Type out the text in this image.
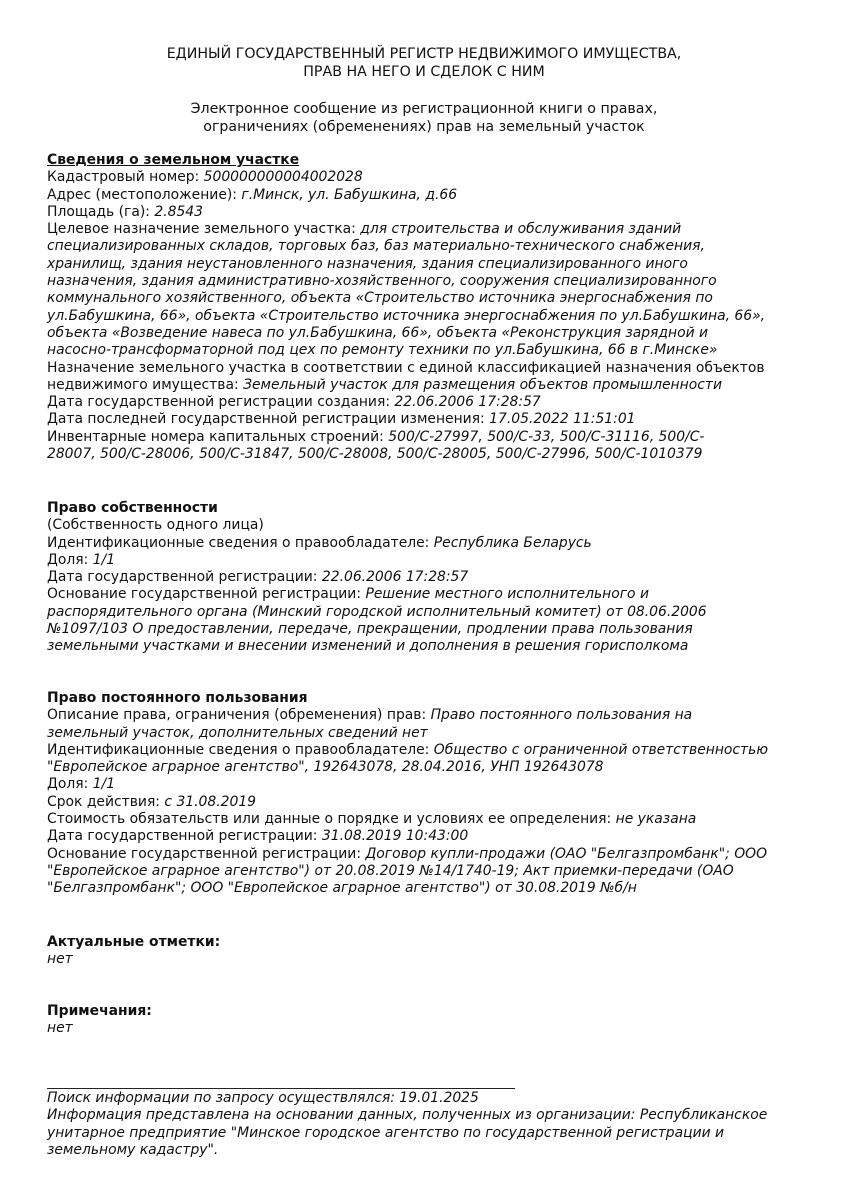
ЕДИНЫЙ ГОСУДАРСТВЕННЫЙ РЕГИСТР НЕДВИЖИМОГО ИМУЩЕСТВА,
ПРАВ НА НЕГО И СДЕЛОК С НИМ
Электронное сообщение из регистрационной книги о правах,
ограничениях (обременениях) прав на земельный участок
Сведения о земельном участке
Кадастровый номер: 500000000004002028
Адрес (местоположение): г.Минск, ул. Бабушкина, д.66
Площадь (га): 2.8543
Целевое назначение земельного участка: для строительства и обслуживания зданий
специализированных складов, торговых баз, баз материально-технического снабжения,
хранилищ, здания неустановленного назначения, здания специализированного иного
назначения, здания административно-хозяйственного, сооружения специализированного
коммунального хозяйственного, объекта «Строительство источника энергоснабжения по
ул.Бабушкина, 66», объекта «Строительство источника энергоснабжения по ул.Бабушкина, 66»,
объекта «Возведение навеса по ул.Бабушкина, 66», объекта «Реконструкция зарядной и
насосно-трансформаторной под цех по ремонту техники по ул.Бабушкина, 66 в г.Минске»
Назначение земельного участка в соответствии с единой классификацией назначения объектов
недвижимого имущества: Земельный участок для размещения объектов промышленности
Дата государственной регистрации создания: 22.06.2006 17:28:57
Дата последней государственной регистрации изменения: 17.05.2022 11:51:01
Инвентарные номера капитальных строений: 500/С-27997, 500/С-33, 500/С-31116, 500/С-
28007, 500/С-28006, 500/С-31847, 500/С-28008, 500/С-28005, 500/С-27996, 500/С-1010379
Право собственности
(Собственность одного лица)
Идентификационные сведения о правообладателе: Республика Беларусь
Доля: 1/1
Дата государственной регистрации: 22.06.2006 17:28:57
Основание государственной регистрации: Решение местного исполнительного и
распорядительного органа (Минский городской исполнительный комитет) от 08.06.2006
№1097/103 О предоставлении, передаче, прекращении, продлении права пользования
земельными участками и внесении изменений и дополнения в решения горисполкома
Право постоянного пользования
Описание права, ограничения (обременения) прав: Право постоянного пользования на
земельный участок, дополнительных сведений нет
Идентификационные сведения о правообладателе: Общество с ограниченной ответственностью
"Европейское аграрное агентство", 192643078, 28.04.2016, УНП 192643078
Доля: 1/1
Срок действия: с 31.08.2019
Стоимость обязательств или данные о порядке и условиях ее определения: не указана
Дата государственной регистрации: 31.08.2019 10:43:00
Основание государственной регистрации: Договор купли-продажи (ОАО "Белгазпромбанк"; ООО
"Европейское аграрное агентство") от 20.08.2019 №14/1740-19; Акт приемки-передачи (ОАО
"Белгазпромбанк"; ООО "Европейское аграрное агентство") от 30.08.2019 №б/н
Актуальные отметки:
нет
Примечания:
нет
Поиск информации по запросу осуществлялся: 19.01.2025
Информация представлена на основании данных, полученных из организации: Республиканское
унитарное предприятие "Минское городское агентство по государственной регистрации и
земельному кадастру".
